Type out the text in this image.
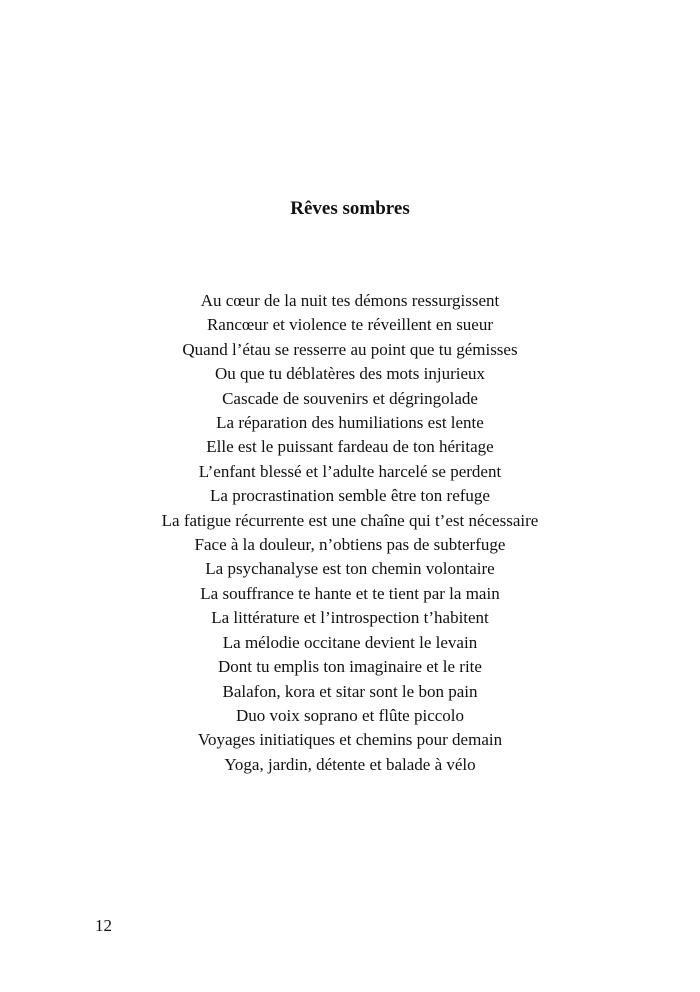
Rêves sombres
Au cœur de la nuit tes démons ressurgissent
Rancœur et violence te réveillent en sueur
Quand l’étau se resserre au point que tu gémisses
Ou que tu déblatères des mots injurieux
Cascade de souvenirs et dégringolade
La réparation des humiliations est lente
Elle est le puissant fardeau de ton héritage
L’enfant blessé et l’adulte harcelé se perdent
La procrastination semble être ton refuge
La fatigue récurrente est une chaîne qui t’est nécessaire
Face à la douleur, n’obtiens pas de subterfuge
La psychanalyse est ton chemin volontaire
La souffrance te hante et te tient par la main
La littérature et l’introspection t’habitent
La mélodie occitane devient le levain
Dont tu emplis ton imaginaire et le rite
Balafon, kora et sitar sont le bon pain
Duo voix soprano et flûte piccolo
Voyages initiatiques et chemins pour demain
Yoga, jardin, détente et balade à vélo
12
